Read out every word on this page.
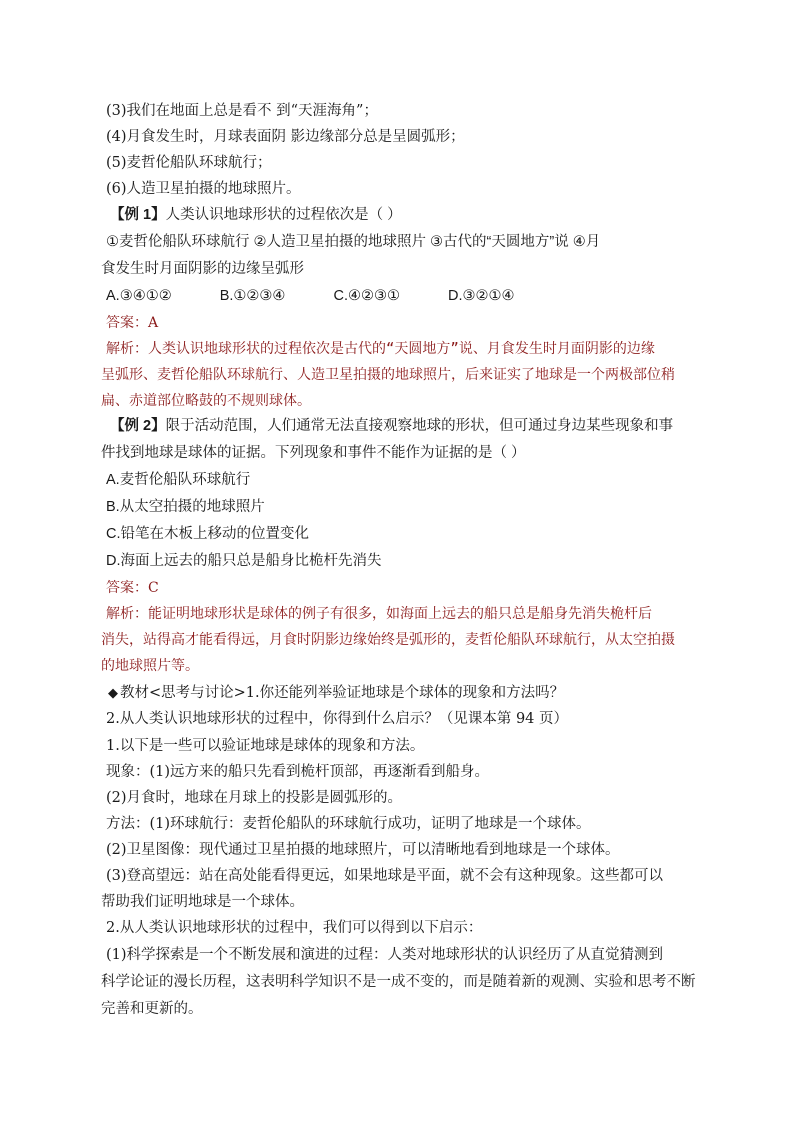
(3)我们在地面上总是看不 到“天涯海角”；
(4)月食发生时，月球表面阴 影边缘部分总是呈圆弧形；
(5)麦哲伦船队环球航行；
(6)人造卫星拍摄的地球照片。
【例 1】人类认识地球形状的过程依次是（ ）
①麦哲伦船队环球航行 ②人造卫星拍摄的地球照片 ③古代的“天圆地方”说 ④月
食发生时月面阴影的边缘呈弧形
A.③④①②	B.①②③④	C.④②③①	D.③②①④
答案：A
解析：人类认识地球形状的过程依次是古代的“天圆地方”说、月食发生时月面阴影的边缘
呈弧形、麦哲伦船队环球航行、人造卫星拍摄的地球照片，后来证实了地球是一个两极部位稍
扁、赤道部位略鼓的不规则球体。
【例 2】限于活动范围，人们通常无法直接观察地球的形状，但可通过身边某些现象和事
件找到地球是球体的证据。下列现象和事件不能作为证据的是（ ）
A.麦哲伦船队环球航行
B.从太空拍摄的地球照片
C.铅笔在木板上移动的位置变化
D.海面上远去的船只总是船身比桅杆先消失
答案：C
解析：能证明地球形状是球体的例子有很多，如海面上远去的船只总是船身先消失桅杆后
消失，站得高才能看得远，月食时阴影边缘始终是弧形的，麦哲伦船队环球航行，从太空拍摄
的地球照片等。
◆ 教材<思考与讨论>1.你还能列举验证地球是个球体的现象和方法吗？
2.从人类认识地球形状的过程中，你得到什么启示？（见课本第 94 页）
1.以下是一些可以验证地球是球体的现象和方法。
现象：(1)远方来的船只先看到桅杆顶部，再逐渐看到船身。
(2)月食时，地球在月球上的投影是圆弧形的。
方法：(1)环球航行：麦哲伦船队的环球航行成功，证明了地球是一个球体。
(2)卫星图像：现代通过卫星拍摄的地球照片，可以清晰地看到地球是一个球体。
(3)登高望远：站在高处能看得更远，如果地球是平面，就不会有这种现象。这些都可以
帮助我们证明地球是一个球体。
2.从人类认识地球形状的过程中，我们可以得到以下启示：
(1)科学探索是一个不断发展和演进的过程：人类对地球形状的认识经历了从直觉猜测到
科学论证的漫长历程，这表明科学知识不是一成不变的，而是随着新的观测、实验和思考不断
完善和更新的。
